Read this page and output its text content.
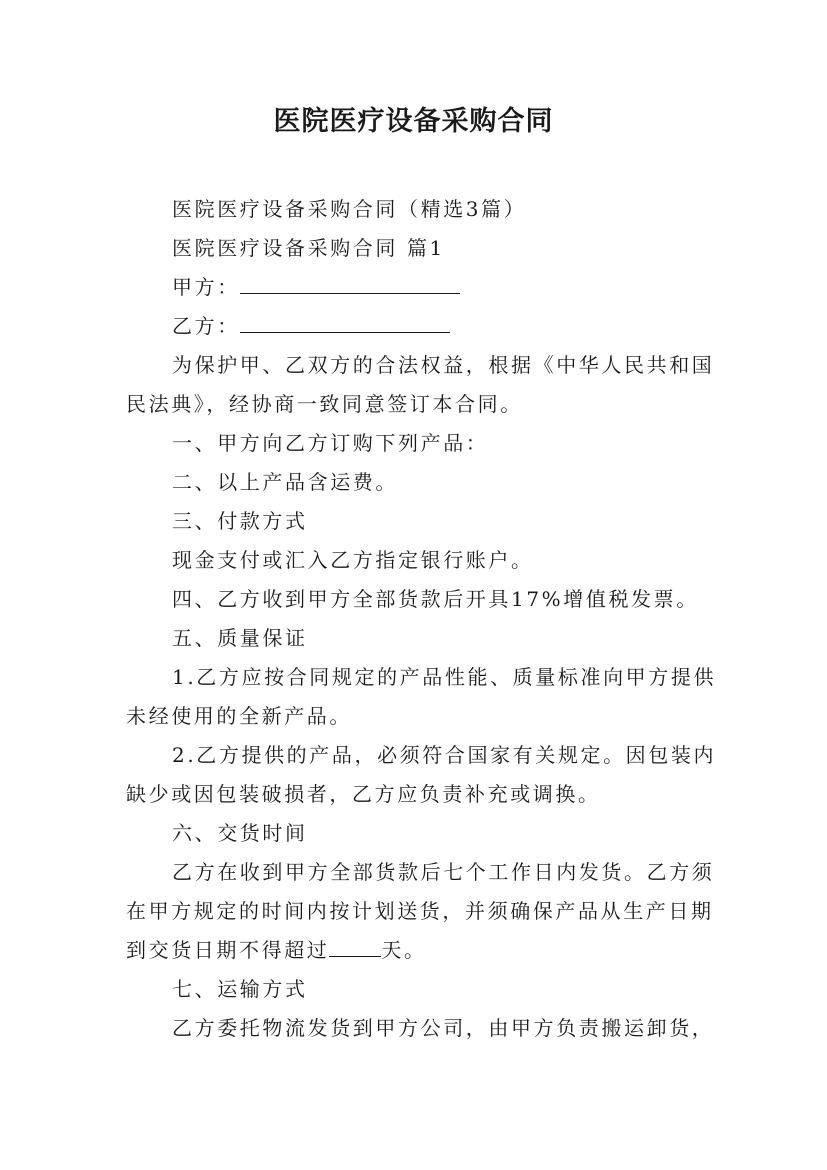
医院医疗设备采购合同

医院医疗设备采购合同（精选3篇）

医院医疗设备采购合同 篇1

甲方：

乙方：

为保护甲、乙双方的合法权益，根据《中华人民共和国

民法典》，经协商一致同意签订本合同。

一、甲方向乙方订购下列产品：

二、以上产品含运费。

三、付款方式

现金支付或汇入乙方指定银行账户。

四、乙方收到甲方全部货款后开具17%增值税发票。

五、质量保证

1.乙方应按合同规定的产品性能、质量标准向甲方提供

未经使用的全新产品。

2.乙方提供的产品，必须符合国家有关规定。因包装内

缺少或因包装破损者，乙方应负责补充或调换。

六、交货时间

乙方在收到甲方全部货款后七个工作日内发货。乙方须

在甲方规定的时间内按计划送货，并须确保产品从生产日期

到交货日期不得超过	天。

七、运输方式

乙方委托物流发货到甲方公司，由甲方负责搬运卸货，
